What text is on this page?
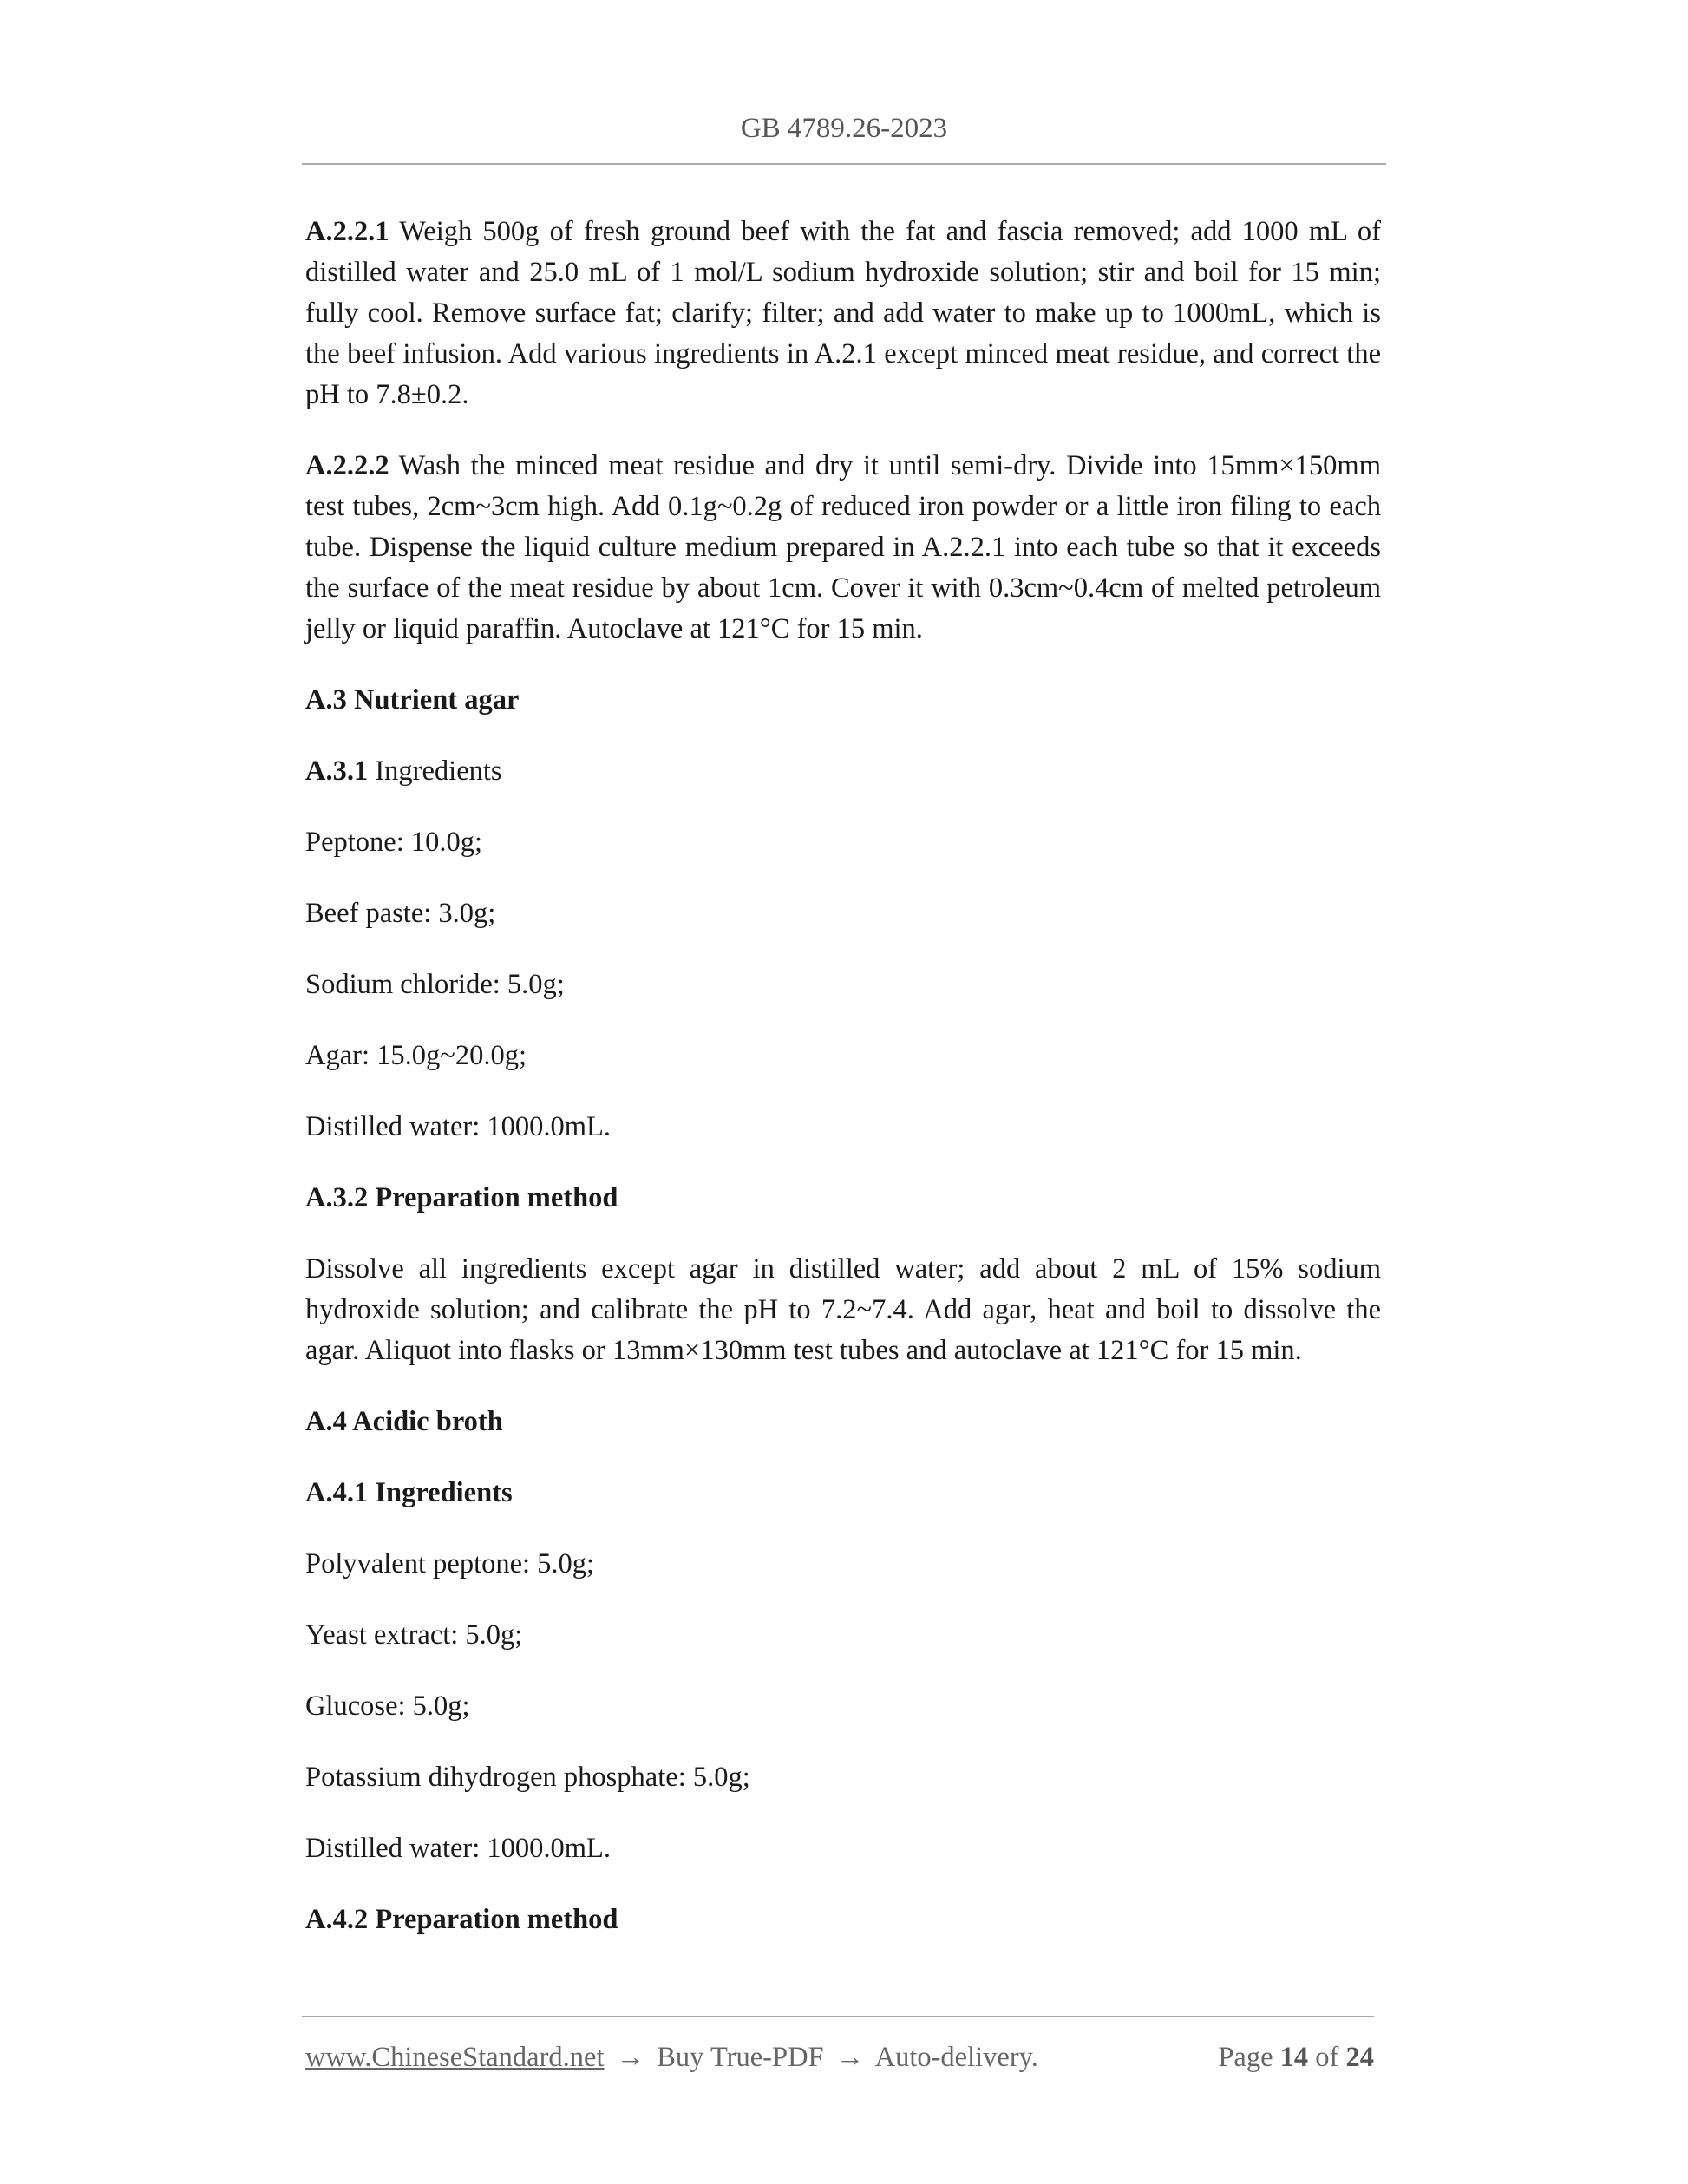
GB 4789.26-2023

A.2.2.1 Weigh 500g of fresh ground beef with the fat and fascia removed; add 1000 mL of distilled water and 25.0 mL of 1 mol/L sodium hydroxide solution; stir and boil for 15 min; fully cool. Remove surface fat; clarify; filter; and add water to make up to 1000mL, which is the beef infusion. Add various ingredients in A.2.1 except minced meat residue, and correct the pH to 7.8±0.2.

A.2.2.2 Wash the minced meat residue and dry it until semi-dry. Divide into 15mm×150mm test tubes, 2cm~3cm high. Add 0.1g~0.2g of reduced iron powder or a little iron filing to each tube. Dispense the liquid culture medium prepared in A.2.2.1 into each tube so that it exceeds the surface of the meat residue by about 1cm. Cover it with 0.3cm~0.4cm of melted petroleum jelly or liquid paraffin. Autoclave at 121°C for 15 min.

A.3 Nutrient agar

A.3.1 Ingredients

Peptone: 10.0g;

Beef paste: 3.0g;

Sodium chloride: 5.0g;

Agar: 15.0g~20.0g;

Distilled water: 1000.0mL.

A.3.2 Preparation method

Dissolve all ingredients except agar in distilled water; add about 2 mL of 15% sodium hydroxide solution; and calibrate the pH to 7.2~7.4. Add agar, heat and boil to dissolve the agar. Aliquot into flasks or 13mm×130mm test tubes and autoclave at 121°C for 15 min.

A.4 Acidic broth

A.4.1 Ingredients

Polyvalent peptone: 5.0g;

Yeast extract: 5.0g;

Glucose: 5.0g;

Potassium dihydrogen phosphate: 5.0g;

Distilled water: 1000.0mL.

A.4.2 Preparation method

www.ChineseStandard.net → Buy True-PDF → Auto-delivery.	Page 14 of 24
